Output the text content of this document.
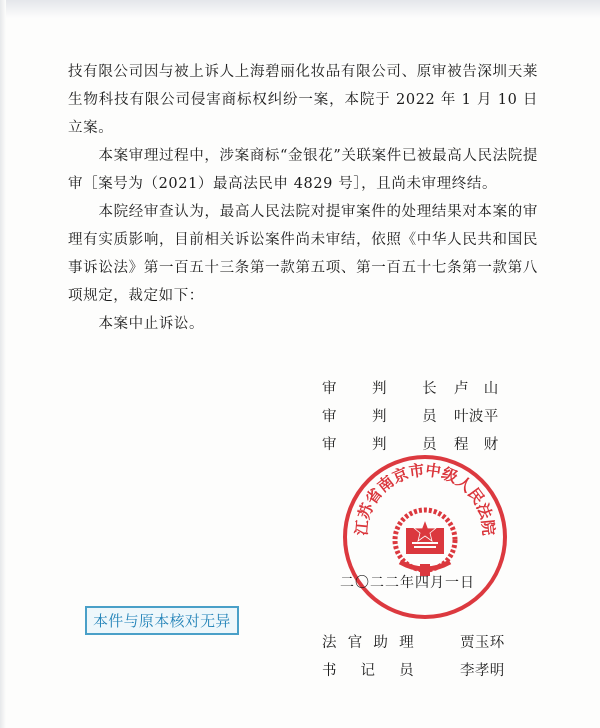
技有限公司因与被上诉人上海碧丽化妆品有限公司、原审被告深圳天莱生物科技有限公司侵害商标权纠纷一案，本院于 2022 年 1 月 10 日立案。

本案审理过程中，涉案商标“金银花”关联案件已被最高人民法院提审［案号为（2021）最高法民申 4829 号］，且尚未审理终结。

本院经审查认为，最高人民法院对提审案件的处理结果对本案的审理有实质影响，目前相关诉讼案件尚未审结，依照《中华人民共和国民事诉讼法》第一百五十三条第一款第五项、第一百五十七条第一款第八项规定，裁定如下：

本案中止诉讼。

审 判 长 卢　山
审 判 员 叶波平
审 判 员 程　财
江苏省南京市中级人民法院
二〇二二年四月一日
本件与原本核对无异
法 官 助 理	贾玉环
书 记 员	李孝明
